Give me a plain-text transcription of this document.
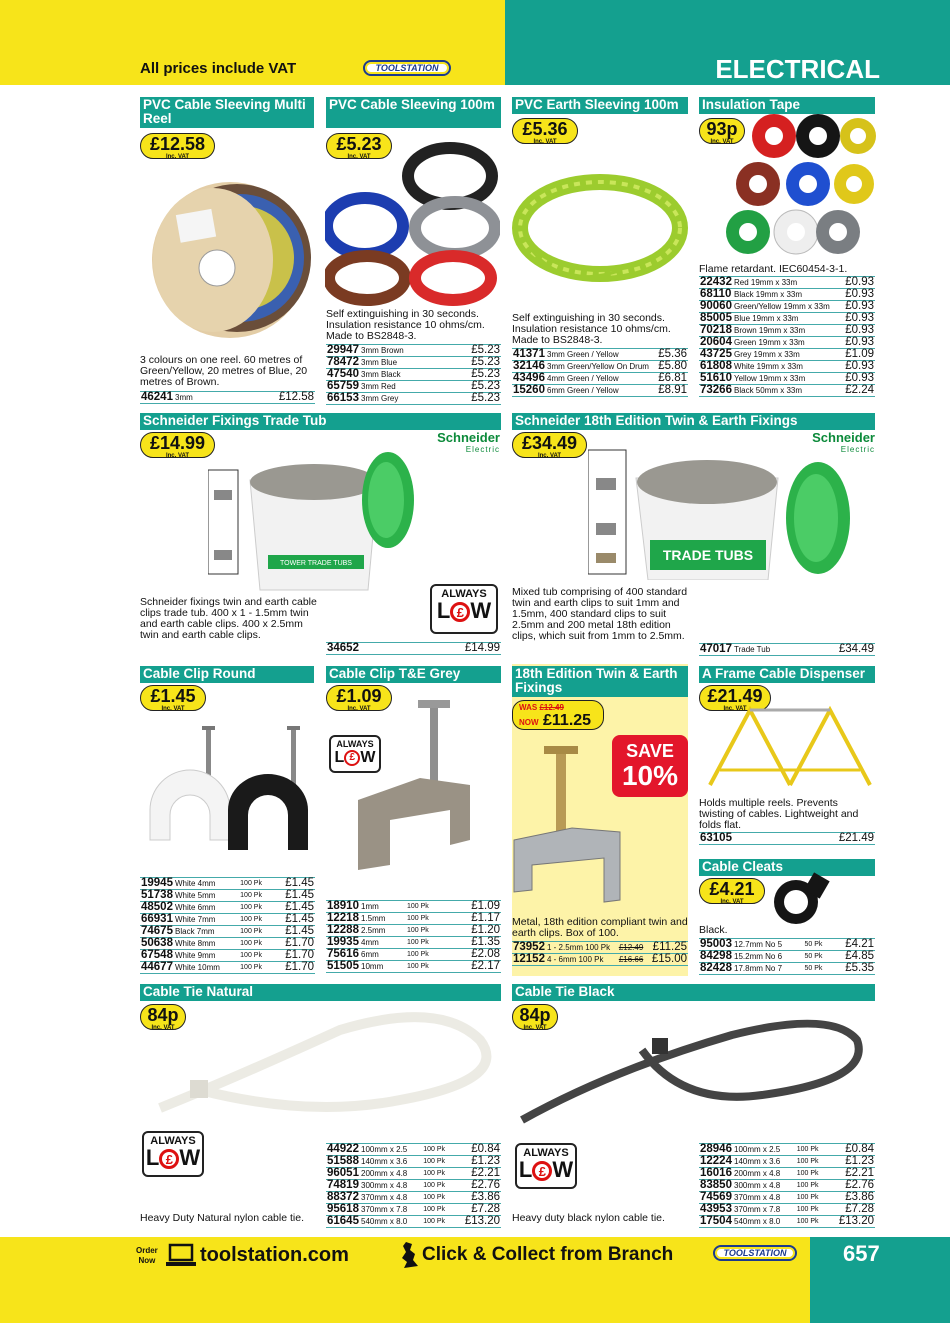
All prices include VAT	TOOLSTATION	ELECTRICAL
PVC Cable Sleeving Multi Reel
£12.58
Inc. VAT
3 colours on one reel. 60 metres of Green/Yellow, 20 metres of Blue, 20 metres of Brown.
46241	3mm		£12.58
PVC Cable Sleeving 100m
£5.23
Inc. VAT
Self extinguishing in 30 seconds. Insulation resistance 10 ohms/cm. Made to BS2848-3.
29947	3mm Brown		£5.23
78472	3mm Blue		£5.23
47540	3mm Black		£5.23
65759	3mm Red		£5.23
66153	3mm Grey		£5.23
PVC Earth Sleeving 100m
£5.36
Inc. VAT
Self extinguishing in 30 seconds. Insulation resistance 10 ohms/cm. Made to BS2848-3.
41371	3mm Green / Yellow		£5.36
32146	3mm Green/Yellow On Drum		£5.80
43496	4mm Green / Yellow		£6.81
15260	6mm Green / Yellow		£8.91
Insulation Tape
93p
Inc. VAT
Flame retardant. IEC60454-3-1.
22432	Red 19mm x 33m		£0.93
68110	Black 19mm x 33m		£0.93
90060	Green/Yellow 19mm x 33m		£0.93
85005	Blue 19mm x 33m		£0.93
70218	Brown 19mm x 33m		£0.93
20604	Green 19mm x 33m		£0.93
43725	Grey 19mm x 33m		£1.09
61808	White 19mm x 33m		£0.93
51610	Yellow 19mm x 33m		£0.93
73266	Black 50mm x 33m		£2.24
Schneider Fixings Trade Tub
£14.99
Inc. VAT
Schneider
Electric
TOWER TRADE TUBS
ALWAYS
L £ W
Schneider fixings twin and earth cable clips trade tub. 400 x 1 - 1.5mm twin and earth cable clips. 400 x 2.5mm twin and earth cable clips.
34652			£14.99
Schneider 18th Edition Twin & Earth Fixings
£34.49
Inc. VAT
Schneider
Electric
TRADE TUBS
Mixed tub comprising of 400 standard twin and earth clips to suit 1mm and 1.5mm, 400 standard clips to suit 2.5mm and 200 metal 18th edition clips, which suit from 1mm to 2.5mm.
47017	Trade Tub		£34.49
Cable Clip Round
£1.45
Inc. VAT
19945	White 4mm	100 Pk	£1.45
51738	White 5mm	100 Pk	£1.45
48502	White 6mm	100 Pk	£1.45
66931	White 7mm	100 Pk	£1.45
74675	Black 7mm	100 Pk	£1.45
50638	White 8mm	100 Pk	£1.70
67548	White 9mm	100 Pk	£1.70
44677	White 10mm	100 Pk	£1.70
Cable Clip T&E Grey
£1.09
Inc. VAT
ALWAYS
L £ W
18910	1mm	100 Pk	£1.09
12218	1.5mm	100 Pk	£1.17
12288	2.5mm	100 Pk	£1.20
19935	4mm	100 Pk	£1.35
75616	6mm	100 Pk	£2.08
51505	10mm	100 Pk	£2.17
18th Edition Twin & Earth Fixings
WAS £12.49
NOW £11.25
SAVE
10%
Metal, 18th edition compliant twin and earth clips. Box of 100.
73952	1 - 2.5mm 100 Pk	£12.49	£11.25
12152	4 - 6mm 100 Pk	£16.66	£15.00
A Frame Cable Dispenser
£21.49
Inc. VAT
Holds multiple reels. Prevents twisting of cables. Lightweight and folds flat.
63105			£21.49
Cable Cleats
£4.21
Inc. VAT
Black.
95003	12.7mm No 5	50 Pk	£4.21
84298	15.2mm No 6	50 Pk	£4.85
82428	17.8mm No 7	50 Pk	£5.35
Cable Tie Natural
84p
Inc. VAT
ALWAYS
L £ W
Heavy Duty Natural nylon cable tie.
44922	100mm x 2.5	100 Pk	£0.84
51588	140mm x 3.6	100 Pk	£1.23
96051	200mm x 4.8	100 Pk	£2.21
74819	300mm x 4.8	100 Pk	£2.76
88372	370mm x 4.8	100 Pk	£3.86
95618	370mm x 7.8	100 Pk	£7.28
61645	540mm x 8.0	100 Pk	£13.20
Cable Tie Black
84p
Inc. VAT
ALWAYS
L £ W
Heavy duty black nylon cable tie.
28946	100mm x 2.5	100 Pk	£0.84
12224	140mm x 3.6	100 Pk	£1.23
16016	200mm x 4.8	100 Pk	£2.21
83850	300mm x 4.8	100 Pk	£2.76
74569	370mm x 4.8	100 Pk	£3.86
43953	370mm x 7.8	100 Pk	£7.28
17504	540mm x 8.0	100 Pk	£13.20
Order
Now toolstation.com	Click & Collect from Branch	TOOLSTATION	657
